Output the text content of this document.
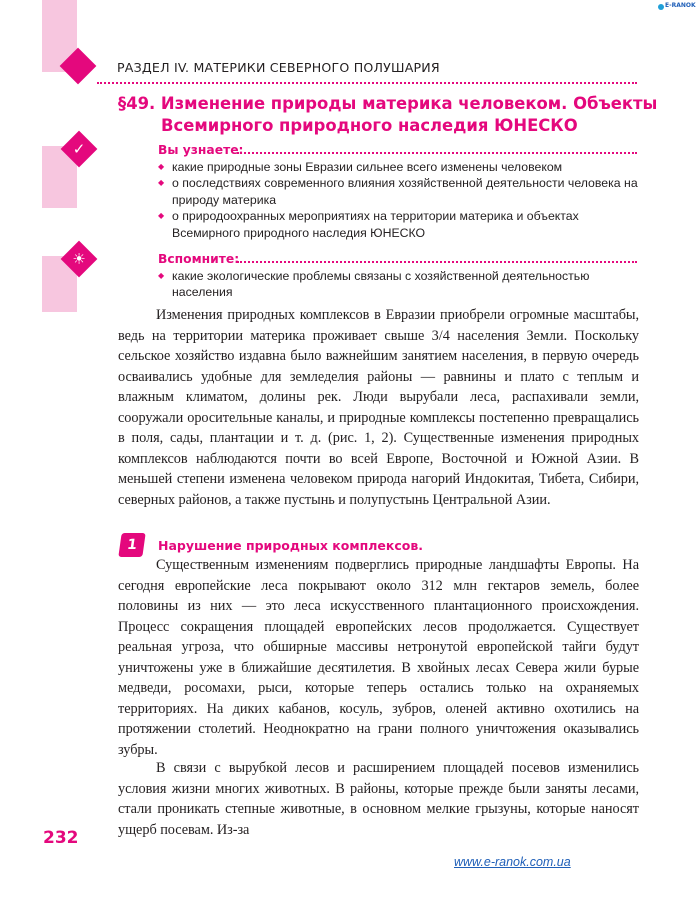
РАЗДЕЛ IV. МАТЕРИКИ СЕВЕРНОГО ПОЛУШАРИЯ
§49. Изменение природы материка человеком. Объекты
Всемирного природного наследия ЮНЕСКО
✓	Вы узнаете:
◆ какие природные зоны Евразии сильнее всего изменены человеком
◆ о последствиях современного влияния хозяйственной деятельности человека на природу материка
◆ о природоохранных мероприятиях на территории материка и объектах Всемирного природного наследия ЮНЕСКО
☀	Вспомните:
◆ какие экологические проблемы связаны с хозяйственной деятельностью населения

Изменения природных комплексов в Евразии приобрели огромные масштабы, ведь на территории материка проживает свыше 3/4 населения Земли. Поскольку сельское хозяйство издавна было важнейшим занятием населения, в первую очередь осваивались удобные для земледелия районы — равнины и плато с теплым и влажным климатом, долины рек. Люди вырубали леса, распахивали земли, сооружали оросительные каналы, и природные комплексы постепенно превращались в поля, сады, плантации и т. д. (рис. 1, 2). Существенные изменения природных комплексов наблюдаются почти во всей Европе, Восточной и Южной Азии. В меньшей степени изменена человеком природа нагорий Индокитая, Тибета, Сибири, северных районов, а также пустынь и полупустынь Центральной Азии.

1	Нарушение природных комплексов.

Существенным изменениям подверглись природные ландшафты Европы. На сегодня европейские леса покрывают около 312 млн гектаров земель, более половины из них — это леса искусственного плантационного происхождения. Процесс сокращения площадей европейских лесов продолжается. Существует реальная угроза, что обширные массивы нетронутой европейской тайги будут уничтожены уже в ближайшие десятилетия. В хвойных лесах Севера жили бурые медведи, росомахи, рыси, которые теперь остались только на охраняемых территориях. На диких кабанов, косуль, зубров, оленей активно охотились на протяжении столетий. Неоднократно на грани полного уничтожения оказывались зубры.

В связи с вырубкой лесов и расширением площадей посевов изменились условия жизни многих животных. В районы, которые прежде были заняты лесами, стали проникать степные животные, в основном мелкие грызуны, которые наносят ущерб посевам. Из-за

232
www.e-ranok.com.ua
E-RANOK
